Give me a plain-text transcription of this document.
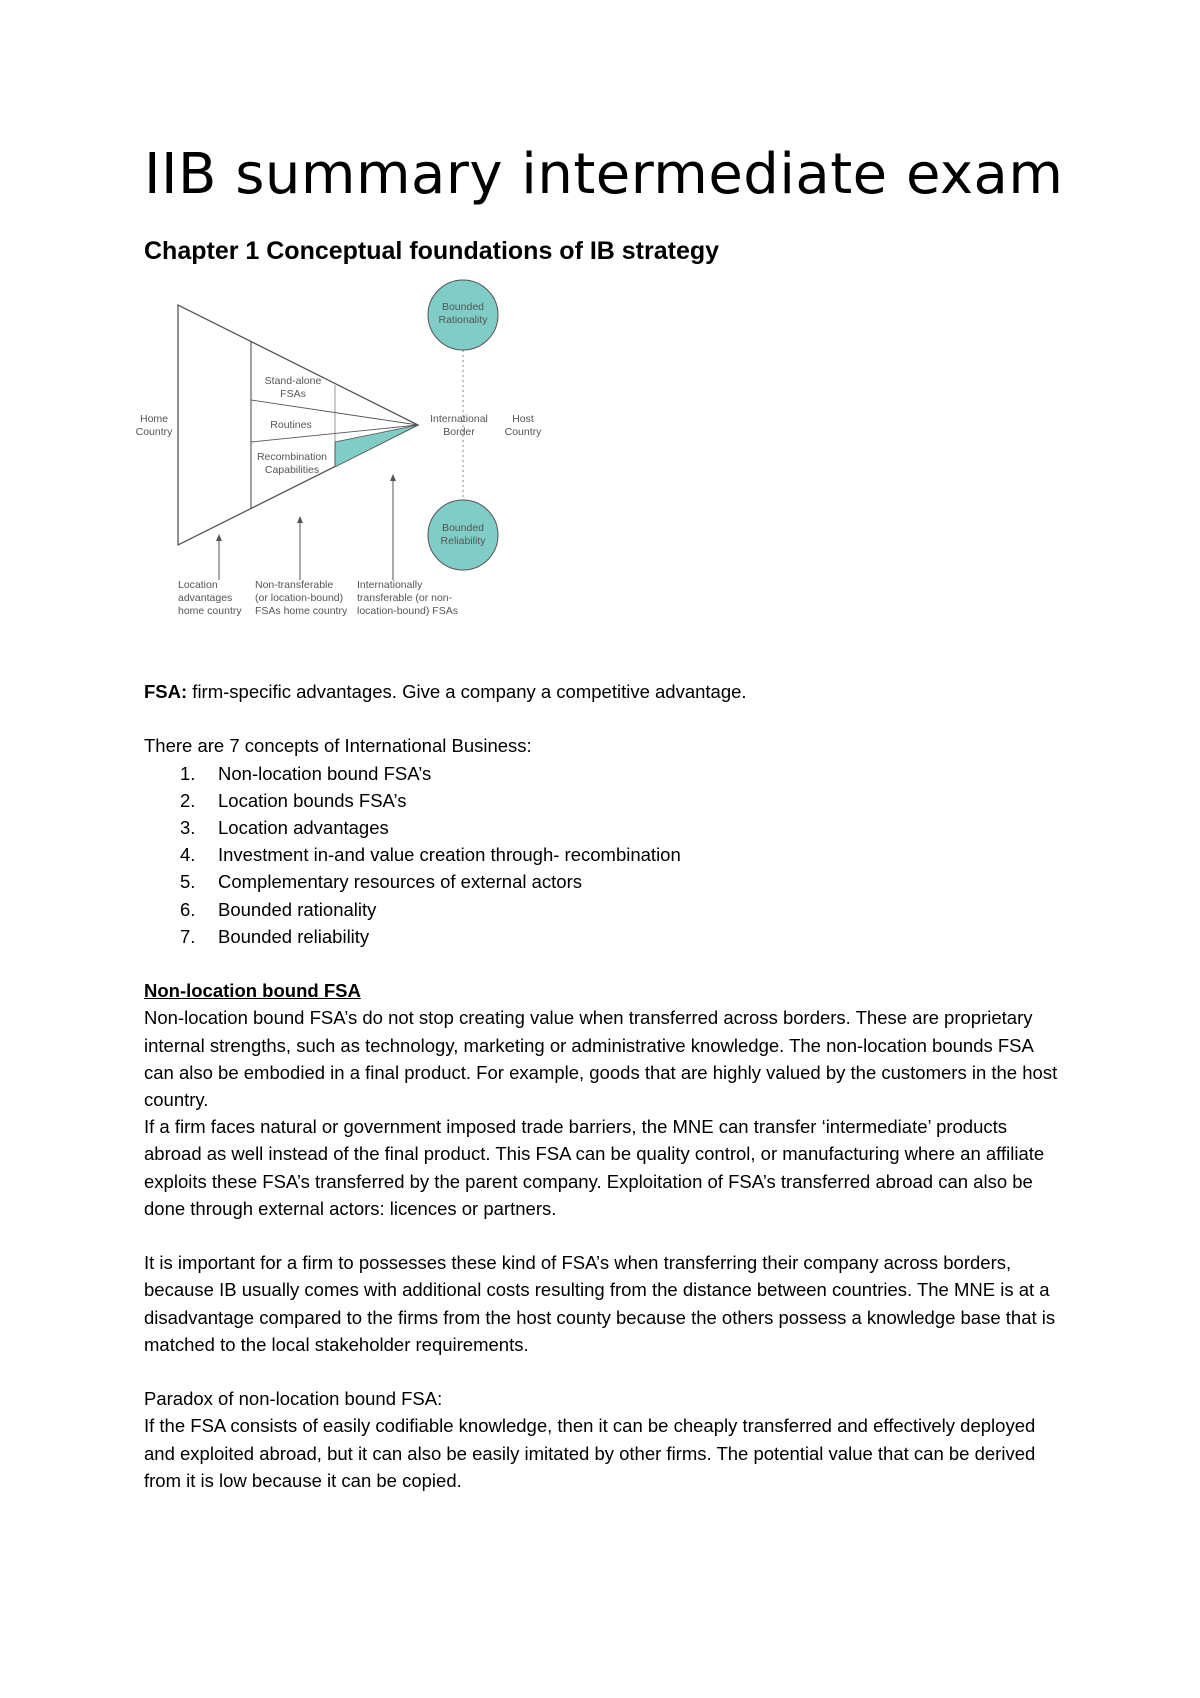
IIB summary intermediate exam
Chapter 1 Conceptual foundations of IB strategy
Bounded
Rationality
Bounded
Reliability
Home
Country
Host
Country
International
Border
Stand-alone
FSAs
Routines
Recombination
Capabilities
Location
advantages
home country
Non-transferable
(or location-bound)
FSAs home country
Internationally
transferable (or non-
location-bound) FSAs

FSA: firm-specific advantages. Give a company a competitive advantage.

There are 7 concepts of International Business:

1.	Non-location bound FSA’s
2.	Location bounds FSA’s
3.	Location advantages
4.	Investment in-and value creation through- recombination
5.	Complementary resources of external actors
6.	Bounded rationality
7.	Bounded reliability

Non-location bound FSA

Non-location bound FSA’s do not stop creating value when transferred across borders. These are proprietary internal strengths, such as technology, marketing or administrative knowledge. The non-location bounds FSA can also be embodied in a final product. For example, goods that are highly valued by the customers in the host country.

If a firm faces natural or government imposed trade barriers, the MNE can transfer ‘intermediate’ products abroad as well instead of the final product. This FSA can be quality control, or manufacturing where an affiliate exploits these FSA’s transferred by the parent company. Exploitation of FSA’s transferred abroad can also be done through external actors: licences or partners.

It is important for a firm to possesses these kind of FSA’s when transferring their company across borders, because IB usually comes with additional costs resulting from the distance between countries. The MNE is at a disadvantage compared to the firms from the host county because the others possess a knowledge base that is matched to the local stakeholder requirements.

Paradox of non-location bound FSA:

If the FSA consists of easily codifiable knowledge, then it can be cheaply transferred and effectively deployed and exploited abroad, but it can also be easily imitated by other firms. The potential value that can be derived from it is low because it can be copied.
